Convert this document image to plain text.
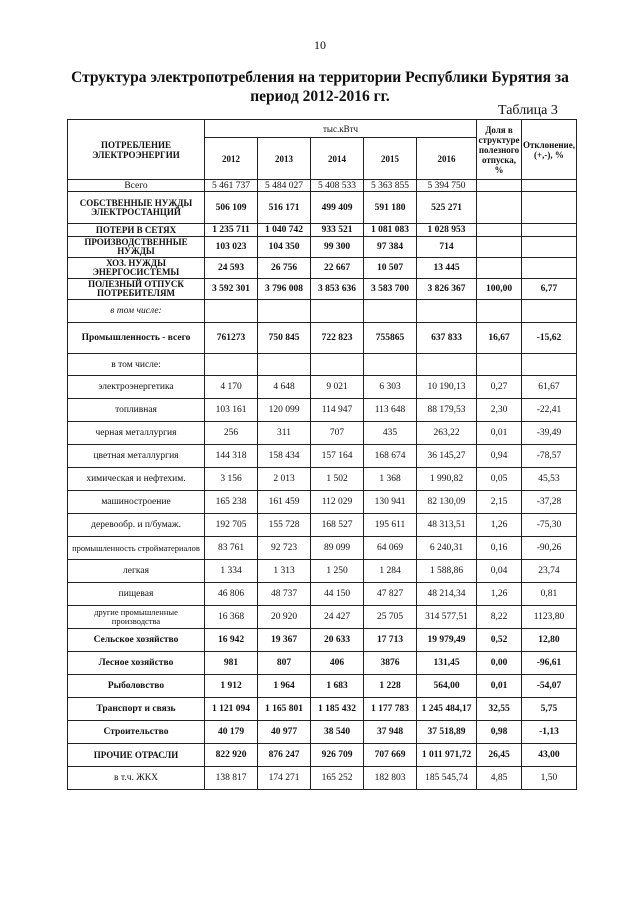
10
Структура электропотребления на территории Республики Бурятия за
период 2012-2016 гг.
Таблица 3
ПОТРЕБЛЕНИЕ ЭЛЕКТРОЭНЕРГИИ	тыс.кВтч					Доля в структуре полезного отпуска, %	Отклонение, (+,-), %
	2012	2013	2014	2015	2016		
Всего	5 461 737	5 484 027	5 408 533	5 363 855	5 394 750		
СОБСТВЕННЫЕ НУЖДЫ ЭЛЕКТРОСТАНЦИЙ	506 109	516 171	499 409	591 180	525 271		
ПОТЕРИ В СЕТЯХ	1 235 711	1 040 742	933 521	1 081 083	1 028 953		
ПРОИЗВОДСТВЕННЫЕ НУЖДЫ	103 023	104 350	99 300	97 384	714		
ХОЗ. НУЖДЫ ЭНЕРГОСИСТЕМЫ	24 593	26 756	22 667	10 507	13 445		
ПОЛЕЗНЫЙ ОТПУСК ПОТРЕБИТЕЛЯМ	3 592 301	3 796 008	3 853 636	3 583 700	3 826 367	100,00	6,77
в том числе:							
Промышленность - всего	761273	750 845	722 823	755865	637 833	16,67	-15,62
в том числе:							
электроэнергетика	4 170	4 648	9 021	6 303	10 190,13	0,27	61,67
топливная	103 161	120 099	114 947	113 648	88 179,53	2,30	-22,41
черная металлургия	256	311	707	435	263,22	0,01	-39,49
цветная металлургия	144 318	158 434	157 164	168 674	36 145,27	0,94	-78,57
химическая и нефтехим.	3 156	2 013	1 502	1 368	1 990,82	0,05	45,53
машиностроение	165 238	161 459	112 029	130 941	82 130,09	2,15	-37,28
деревообр. и п/бумаж.	192 705	155 728	168 527	195 611	48 313,51	1,26	-75,30
промышленность стройматериалов	83 761	92 723	89 099	64 069	6 240,31	0,16	-90,26
легкая	1 334	1 313	1 250	1 284	1 588,86	0,04	23,74
пищевая	46 806	48 737	44 150	47 827	48 214,34	1,26	0,81
другие промышленные производства	16 368	20 920	24 427	25 705	314 577,51	8,22	1123,80
Сельское хозяйство	16 942	19 367	20 633	17 713	19 979,49	0,52	12,80
Лесное хозяйство	981	807	406	3876	131,45	0,00	-96,61
Рыболовство	1 912	1 964	1 683	1 228	564,00	0,01	-54,07
Транспорт и связь	1 121 094	1 165 801	1 185 432	1 177 783	1 245 484,17	32,55	5,75
Строительство	40 179	40 977	38 540	37 948	37 518,89	0,98	-1,13
ПРОЧИЕ ОТРАСЛИ	822 920	876 247	926 709	707 669	1 011 971,72	26,45	43,00
в т.ч. ЖКХ	138 817	174 271	165 252	182 803	185 545,74	4,85	1,50
